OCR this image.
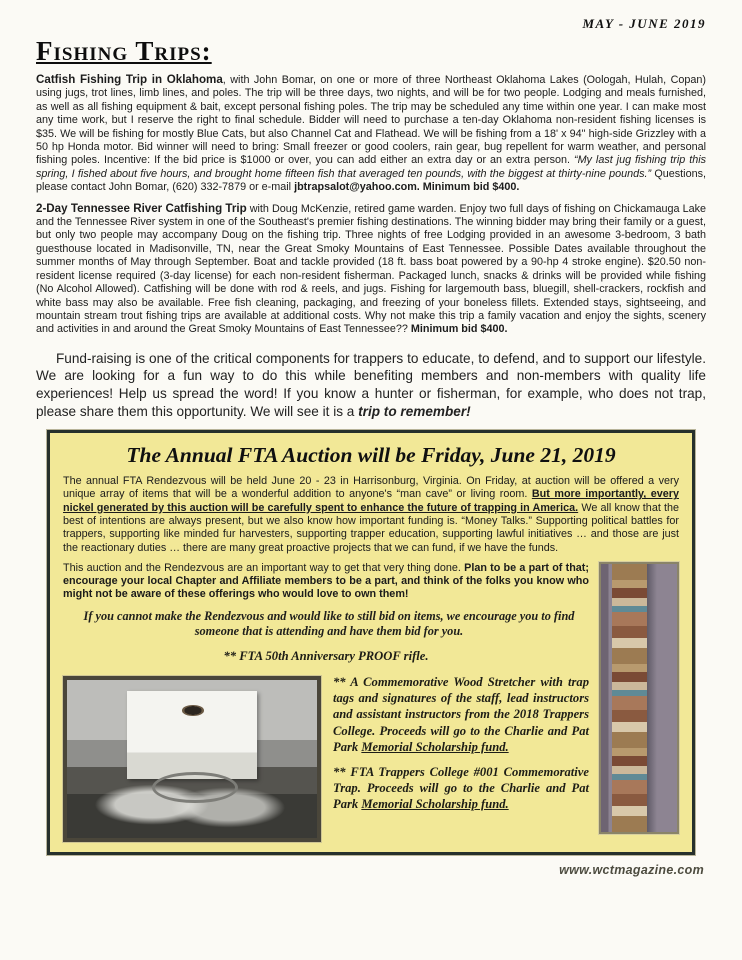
MAY - JUNE 2019
Fishing Trips:

Catfish Fishing Trip in Oklahoma, with John Bomar, on one or more of three Northeast Oklahoma Lakes (Oologah, Hulah, Copan) using jugs, trot lines, limb lines, and poles. The trip will be three days, two nights, and will be for two people. Lodging and meals furnished, as well as all fishing equipment & bait, except personal fishing poles. The trip may be scheduled any time within one year. I can make most any time work, but I reserve the right to final schedule. Bidder will need to purchase a ten-day Oklahoma non-resident fishing licenses is $35. We will be fishing for mostly Blue Cats, but also Channel Cat and Flathead. We will be fishing from a 18' x 94" high-side Grizzley with a 50 hp Honda motor. Bid winner will need to bring: Small freezer or good coolers, rain gear, bug repellent for warm weather, and personal fishing poles. Incentive: If the bid price is $1000 or over, you can add either an extra day or an extra person. “My last jug fishing trip this spring, I fished about five hours, and brought home fifteen fish that averaged ten pounds, with the biggest at thirty-nine pounds.” Questions, please contact John Bomar, (620) 332-7879 or e-mail jbtrapsalot@yahoo.com. Minimum bid $400.

2-Day Tennessee River Catfishing Trip with Doug McKenzie, retired game warden. Enjoy two full days of fishing on Chickamauga Lake and the Tennessee River system in one of the Southeast's premier fishing destinations. The winning bidder may bring their family or a guest, but only two people may accompany Doug on the fishing trip. Three nights of free Lodging provided in an awesome 3-bedroom, 3 bath guesthouse located in Madisonville, TN, near the Great Smoky Mountains of East Tennessee. Possible Dates available throughout the summer months of May through September. Boat and tackle provided (18 ft. bass boat powered by a 90-hp 4 stroke engine). $20.50 non-resident license required (3-day license) for each non-resident fisherman. Packaged lunch, snacks & drinks will be provided while fishing (No Alcohol Allowed). Catfishing will be done with rod & reels, and jugs. Fishing for largemouth bass, bluegill, shell-crackers, rockfish and white bass may also be available. Free fish cleaning, packaging, and freezing of your boneless fillets. Extended stays, sightseeing, and mountain stream trout fishing trips are available at additional costs. Why not make this trip a family vacation and enjoy the sights, scenery and activities in and around the Great Smoky Mountains of East Tennessee?? Minimum bid $400.

Fund-raising is one of the critical components for trappers to educate, to defend, and to support our lifestyle. We are looking for a fun way to do this while benefiting members and non-members with quality life experiences! Help us spread the word! If you know a hunter or fisherman, for example, who does not trap, please share them this opportunity. We will see it is a trip to remember!

The Annual FTA Auction will be Friday, June 21, 2019

The annual FTA Rendezvous will be held June 20 - 23 in Harrisonburg, Virginia. On Friday, at auction will be offered a very unique array of items that will be a wonderful addition to anyone's “man cave” or living room. But more importantly, every nickel generated by this auction will be carefully spent to enhance the future of trapping in America. We all know that the best of intentions are always present, but we also know how important funding is. “Money Talks.” Supporting political battles for trappers, supporting like minded fur harvesters, supporting trapper education, supporting lawful initiatives … and those are just the reactionary duties … there are many great proactive projects that we can fund, if we have the funds.

This auction and the Rendezvous are an important way to get that very thing done. Plan to be a part of that; encourage your local Chapter and Affiliate members to be a part, and think of the folks you know who might not be aware of these offerings who would love to own them!

If you cannot make the Rendezvous and would like to still bid on items, we encourage you to find someone that is attending and have them bid for you.

** FTA 50th Anniversary PROOF rifle.

** A Commemorative Wood Stretcher with trap tags and signatures of the staff, lead instructors and assistant instructors from the 2018 Trappers College. Proceeds will go to the Charlie and Pat Park Memorial Scholarship fund.

** FTA Trappers College #001 Commemorative Trap. Proceeds will go to the Charlie and Pat Park Memorial Scholarship fund.

www.wctmagazine.com
